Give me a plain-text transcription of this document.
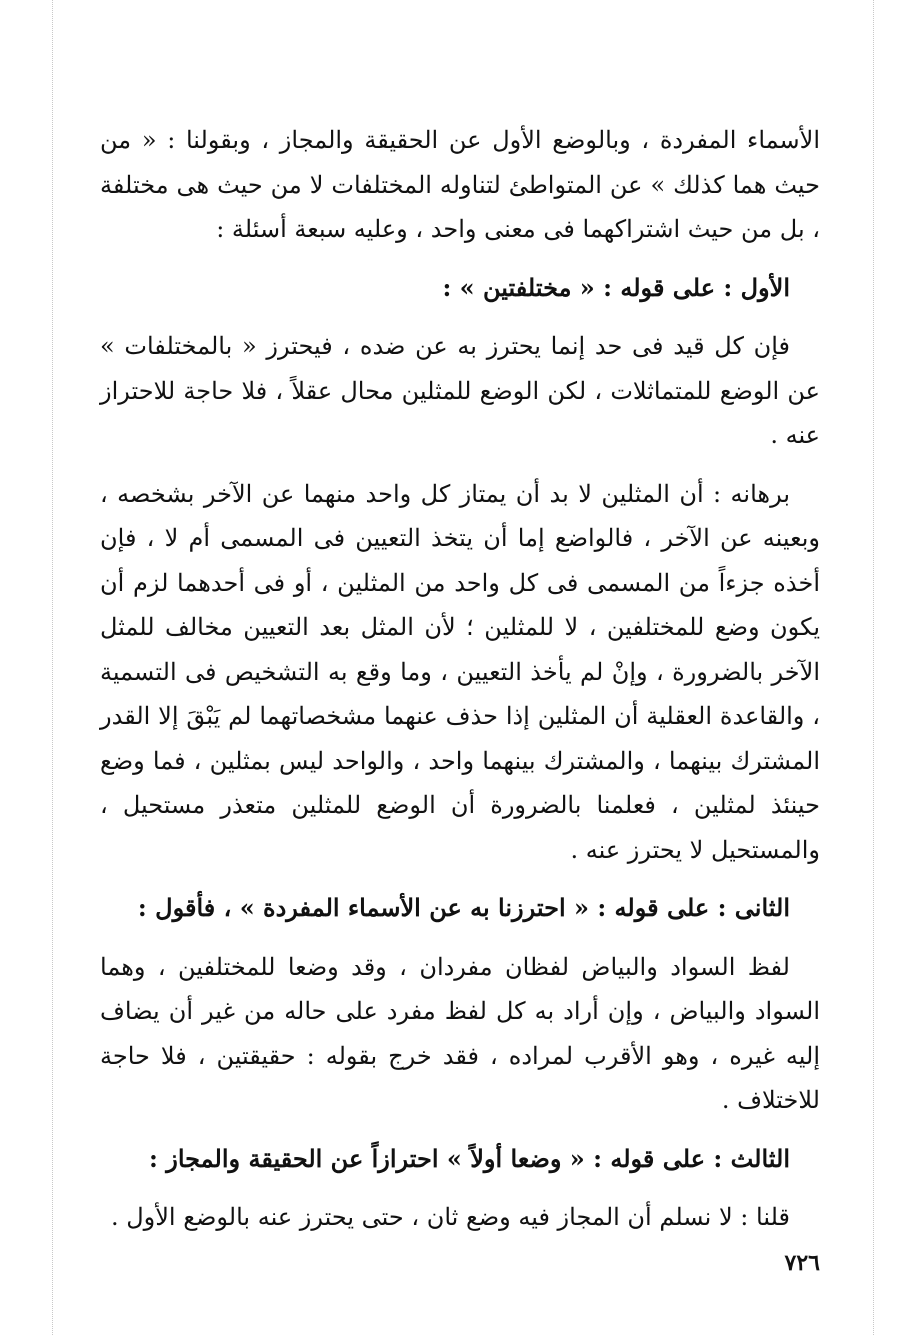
الأسماء المفردة ، وبالوضع الأول عن الحقيقة والمجاز ، وبقولنا : « من حيث هما كذلك » عن المتواطئ لتناوله المختلفات لا من حيث هى مختلفة ، بل من حيث اشتراكهما فى معنى واحد ، وعليه سبعة أسئلة :

الأول : على قوله : « مختلفتين » :

فإن كل قيد فى حد إنما يحترز به عن ضده ، فيحترز « بالمختلفات » عن الوضع للمتماثلات ، لكن الوضع للمثلين محال عقلاً ، فلا حاجة للاحتراز عنه .

برهانه : أن المثلين لا بد أن يمتاز كل واحد منهما عن الآخر بشخصه ، وبعينه عن الآخر ، فالواضع إما أن يتخذ التعيين فى المسمى أم لا ، فإن أخذه جزءاً من المسمى فى كل واحد من المثلين ، أو فى أحدهما لزم أن يكون وضع للمختلفين ، لا للمثلين ؛ لأن المثل بعد التعيين مخالف للمثل الآخر بالضرورة ، وإنْ لم يأخذ التعيين ، وما وقع به التشخيص فى التسمية ، والقاعدة العقلية أن المثلين إذا حذف عنهما مشخصاتهما لم يَبْقَ إلا القدر المشترك بينهما ، والمشترك بينهما واحد ، والواحد ليس بمثلين ، فما وضع حينئذ لمثلين ، فعلمنا بالضرورة أن الوضع للمثلين متعذر مستحيل ، والمستحيل لا يحترز عنه .

الثانى : على قوله : « احترزنا به عن الأسماء المفردة » ، فأقول :

لفظ السواد والبياض لفظان مفردان ، وقد وضعا للمختلفين ، وهما السواد والبياض ، وإن أراد به كل لفظ مفرد على حاله من غير أن يضاف إليه غيره ، وهو الأقرب لمراده ، فقد خرج بقوله : حقيقتين ، فلا حاجة للاختلاف .

الثالث : على قوله : « وضعا أولاً » احترازاً عن الحقيقة والمجاز :

قلنا : لا نسلم أن المجاز فيه وضع ثان ، حتى يحترز عنه بالوضع الأول .

٧٢٦
